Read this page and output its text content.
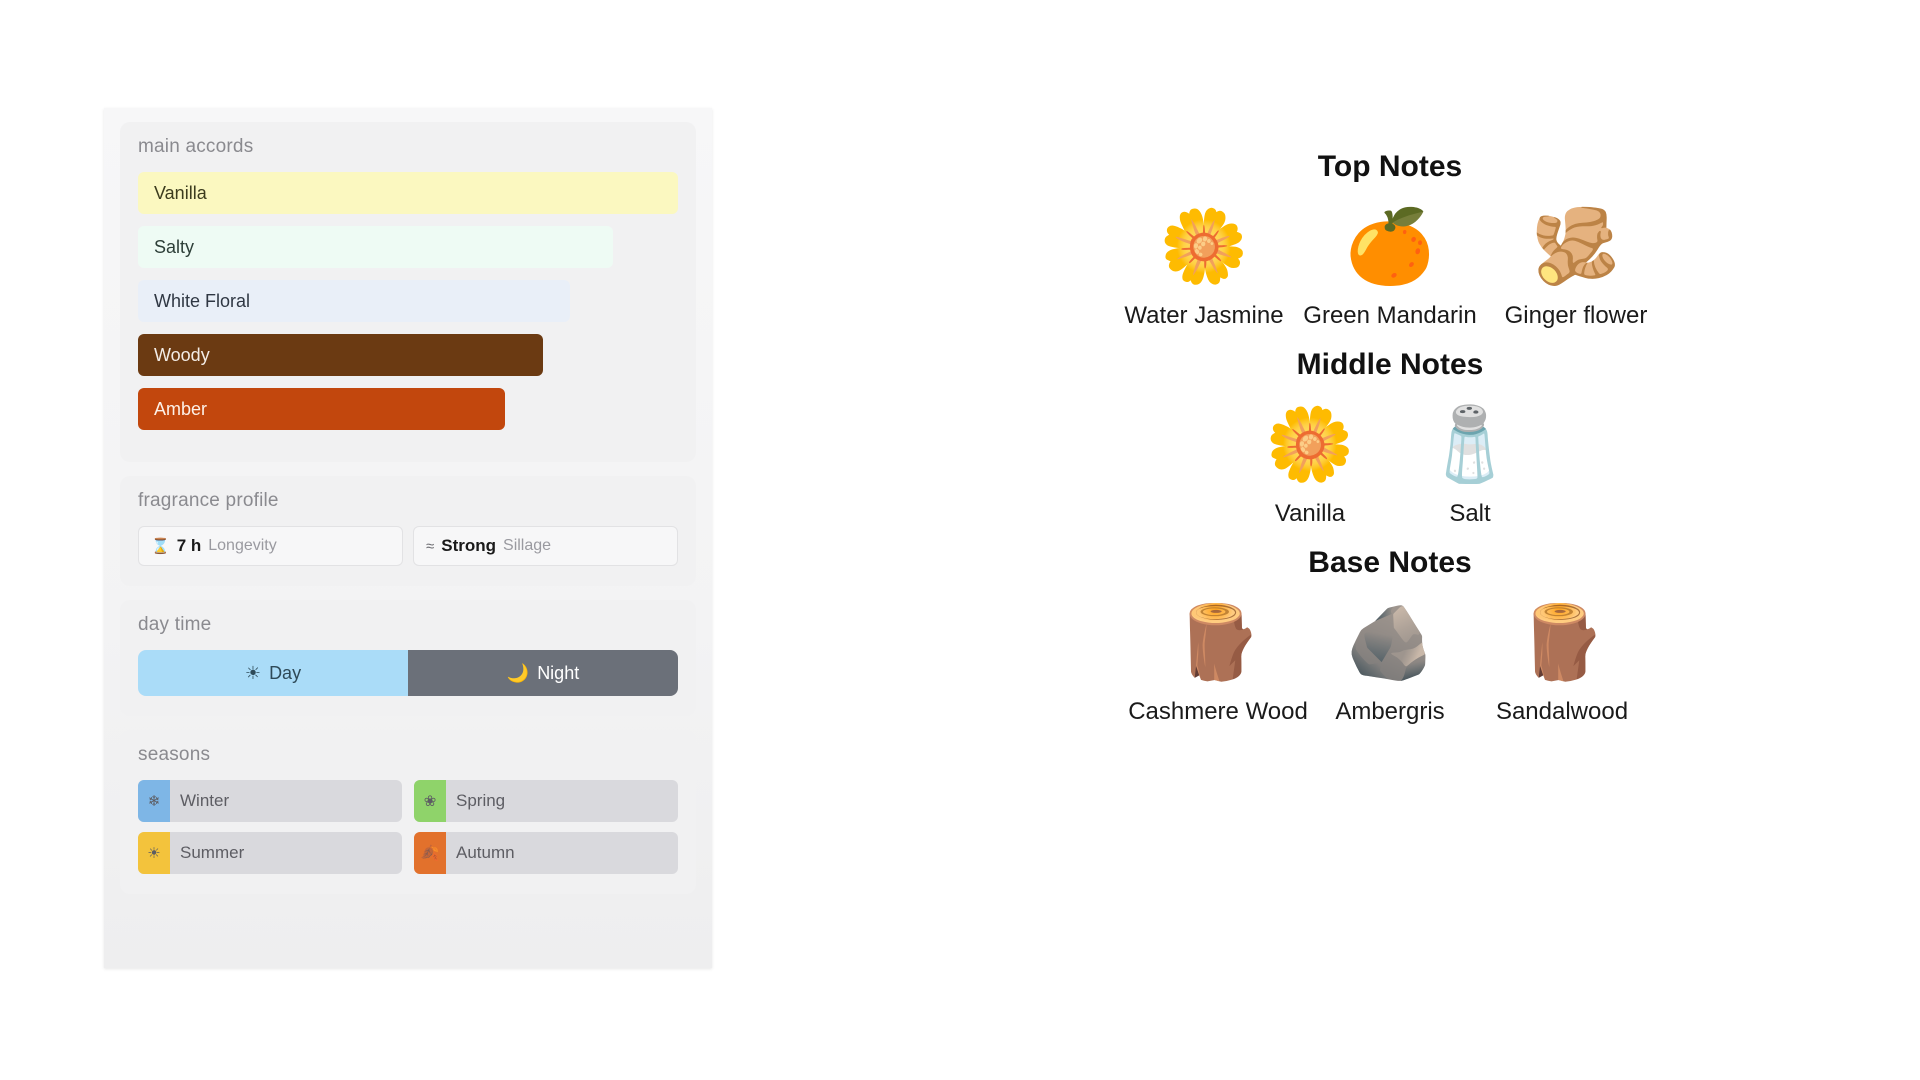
main accords
Vanilla
Salty
White Floral
Woody
Amber
fragrance profile
⌛ 7 h Longevity	≈ Strong Sillage
day time
☀ Day	🌙 Night
seasons
❄	Winter	❀	Spring
☀	Summer	🍂 Autumn
Top Notes
🌼
Water Jasmine
🍊
Green Mandarin
🫚
Ginger flower
Middle Notes
🌼
Vanilla
🧂
Salt
Base Notes
🪵
Cashmere Wood
🪨
Ambergris
🪵
Sandalwood
